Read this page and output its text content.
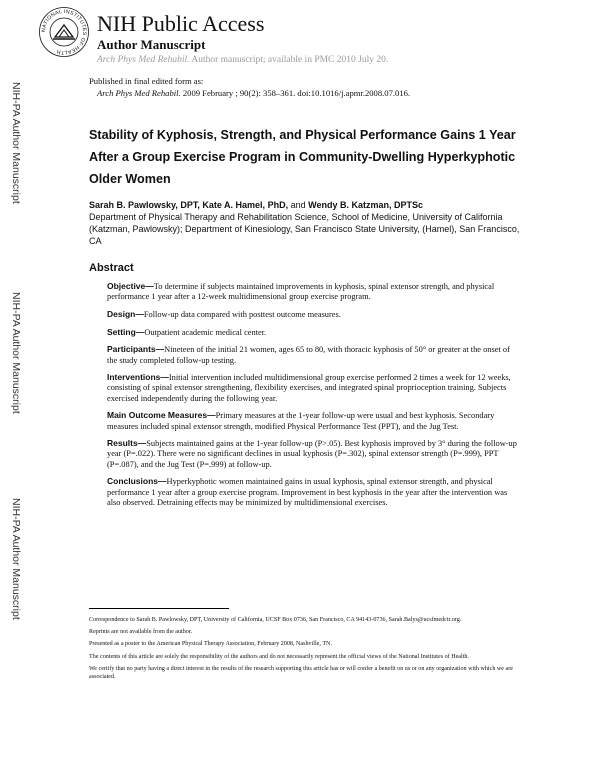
NATIONAL INSTITUTES OF HEALTH
NIH Public Access
Author Manuscript
Arch Phys Med Rehabil. Author manuscript; available in PMC 2010 July 20.
Published in final edited form as:
Arch Phys Med Rehabil. 2009 February ; 90(2): 358–361. doi:10.1016/j.apmr.2008.07.016.
NIH-PA Author Manuscript
NIH-PA Author Manuscript
NIH-PA Author Manuscript
Stability of Kyphosis, Strength, and Physical Performance Gains 1 Year After a Group Exercise Program in Community-Dwelling Hyperkyphotic Older Women
Sarah B. Pawlowsky, DPT, Kate A. Hamel, PhD, and Wendy B. Katzman, DPTSc
Department of Physical Therapy and Rehabilitation Science, School of Medicine, University of California (Katzman, Pawlowsky); Department of Kinesiology, San Francisco State University, (Hamel), San Francisco, CA
Abstract

Objective—To determine if subjects maintained improvements in kyphosis, spinal extensor strength, and physical performance 1 year after a 12-week multidimensional group exercise program.

Design—Follow-up data compared with posttest outcome measures.

Setting—Outpatient academic medical center.

Participants—Nineteen of the initial 21 women, ages 65 to 80, with thoracic kyphosis of 50° or greater at the onset of the study completed follow-up testing.

Interventions—Initial intervention included multidimensional group exercise performed 2 times a week for 12 weeks, consisting of spinal extensor strengthening, flexibility exercises, and integrated spinal proprioception training. Subjects exercised independently during the following year.

Main Outcome Measures—Primary measures at the 1-year follow-up were usual and best kyphosis. Secondary measures included spinal extensor strength, modified Physical Performance Test (PPT), and the Jug Test.

Results—Subjects maintained gains at the 1-year follow-up (P>.05). Best kyphosis improved by 3° during the follow-up year (P=.022). There were no significant declines in usual kyphosis (P=.302), spinal extensor strength (P=.999), PPT (P=.087), and the Jug Test (P=.999) at follow-up.

Conclusions—Hyperkyphotic women maintained gains in usual kyphosis, spinal extensor strength, and physical performance 1 year after a group exercise program. Improvement in best kyphosis in the year after the intervention was also observed. Detraining effects may be minimized by multidimensional exercises.

Correspondence to Sarah B. Pawlowsky, DPT, University of California, UCSF Box 0736, San Francisco, CA 94143-0736, Sarah.Balys@ucsfmedctr.org.

Reprints are not available from the author.

Presented as a poster to the American Physical Therapy Association, February 2008, Nashville, TN.

The contents of this article are solely the responsibility of the authors and do not necessarily represent the official views of the National Institutes of Health.

We certify that no party having a direct interest in the results of the research supporting this article has or will confer a benefit on us or on any organization with which we are associated.
